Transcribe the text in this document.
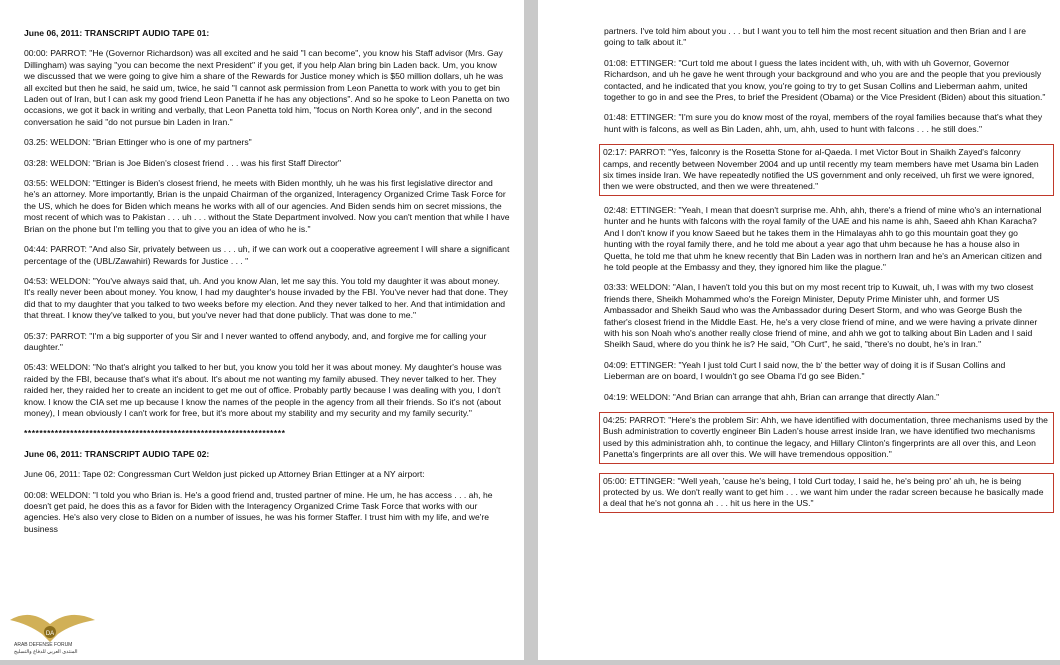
June 06, 2011: TRANSCRIPT AUDIO TAPE 01:

00:00: PARROT: "He (Governor Richardson) was all excited and he said "I can become", you know his Staff advisor (Mrs. Gay Dillingham) was saying "you can become the next President" if you get, if you help Alan bring bin Laden back. Um, you know we discussed that we were going to give him a share of the Rewards for Justice money which is $50 million dollars, uh he was all excited but then he said, he said um, twice, he said "I cannot ask permission from Leon Panetta to work with you to get bin Laden out of Iran, but I can ask my good friend Leon Panetta if he has any objections". And so he spoke to Leon Panetta on two occasions, we got it back in writing and verbally, that Leon Panetta told him, "focus on North Korea only", and in the second conversation he said "do not pursue bin Laden in Iran."

03.25: WELDON: "Brian Ettinger who is one of my partners"

03:28: WELDON: "Brian is Joe Biden's closest friend . . . was his first Staff Director"

03:55: WELDON: "Ettinger is Biden's closest friend, he meets with Biden monthly, uh he was his first legislative director and he's an attorney. More importantly, Brian is the unpaid Chairman of the organized, Interagency Organized Crime Task Force for the US, which he does for Biden which means he works with all of our agencies. And Biden sends him on secret missions, the most recent of which was to Pakistan . . . uh . . . without the State Department involved. Now you can't mention that while I have Brian on the phone but I'm telling you that to give you an idea of who he is."

04:44: PARROT: "And also Sir, privately between us . . . uh, if we can work out a cooperative agreement I will share a significant percentage of the (UBL/Zawahiri) Rewards for Justice . . . "

04:53: WELDON: "You've always said that, uh. And you know Alan, let me say this. You told my daughter it was about money. It's really never been about money. You know, I had my daughter's house invaded by the FBI. You've never had that done. They did that to my daughter that you talked to two weeks before my election. And they never talked to her. And that intimidation and that threat. I know they've talked to you, but you've never had that done publicly. That was done to me."

05:37: PARROT: "I'm a big supporter of you Sir and I never wanted to offend anybody, and, and forgive me for calling your daughter."

05:43: WELDON: "No that's alright you talked to her but, you know you told her it was about money. My daughter's house was raided by the FBI, because that's what it's about. It's about me not wanting my family abused. They never talked to her. They raided her, they raided her to create an incident to get me out of office. Probably partly because I was dealing with you, I don't know. I know the CIA set me up because I know the names of the people in the agency from all their friends. So it's not (about money), I mean obviously I can't work for free, but it's more about my stability and my security and my family security."

********************************************************************

June 06, 2011: TRANSCRIPT AUDIO TAPE 02:

June 06, 2011: Tape 02: Congressman Curt Weldon just picked up Attorney Brian Ettinger at a NY airport:

00:08: WELDON: "I told you who Brian is. He's a good friend and, trusted partner of mine. He um, he has access . . . ah, he doesn't get paid, he does this as a favor for Biden with the Interagency Organized Crime Task Force that works with our agencies. He's also very close to Biden on a number of issues, he was his former Staffer. I trust him with my life, and we're business

partners. I've told him about you . . . but I want you to tell him the most recent situation and then Brian and I are going to talk about it."

01:08: ETTINGER: "Curt told me about I guess the lates incident with, uh, with with uh Governor, Governor Richardson, and uh he gave he went through your background and who you are and the people that you previously contacted, and he indicated that you know, you're going to try to get Susan Collins and Lieberman aahm, united together to go in and see the Pres, to brief the President (Obama) or the Vice President (Biden) about this situation."

01:48: ETTINGER: "I'm sure you do know most of the royal, members of the royal families because that's what they hunt with is falcons, as well as Bin Laden, ahh, um, ahh, used to hunt with falcons . . . he still does."

02:17: PARROT: "Yes, falconry is the Rosetta Stone for al-Qaeda. I met Victor Bout in Shaikh Zayed's falconry camps, and recently between November 2004 and up until recently my team members have met Usama bin Laden six times inside Iran. We have repeatedly notified the US government and only received, uh first we were ignored, then we were obstructed, and then we were threatened."

02:48: ETTINGER: "Yeah, I mean that doesn't surprise me. Ahh, ahh, there's a friend of mine who's an international hunter and he hunts with falcons with the royal family of the UAE and his name is ahh, Saeed ahh Khan Karacha? And I don't know if you know Saeed but he takes them in the Himalayas ahh to go this mountain goat they go hunting with the royal family there, and he told me about a year ago that uhm because he has a house also in Quetta, he told me that uhm he knew recently that Bin Laden was in northern Iran and he's an American citizen and he told people at the Embassy and they, they ignored him like the plague."

03:33: WELDON: "Alan, I haven't told you this but on my most recent trip to Kuwait, uh, I was with my two closest friends there, Sheikh Mohammed who's the Foreign Minister, Deputy Prime Minister uhh, and former US Ambassador and Sheikh Saud who was the Ambassador during Desert Storm, and who was George Bush the father's closest friend in the Middle East. He, he's a very close friend of mine, and we were having a private dinner with his son Noah who's another really close friend of mine, and ahh we got to talking about Bin Laden and I said Sheikh Saud, where do you think he is? He said, "Oh Curt", he said, "there's no doubt, he's in Iran."

04:09: ETTINGER: "Yeah I just told Curt I said now, the b' the better way of doing it is if Susan Collins and Lieberman are on board, I wouldn't go see Obama I'd go see Biden."

04:19: WELDON: "And Brian can arrange that ahh, Brian can arrange that directly Alan."

04:25: PARROT: "Here's the problem Sir: Ahh, we have identified with documentation, three mechanisms used by the Bush administration to covertly engineer Bin Laden's house arrest inside Iran, we have identified two mechanisms used by this administration ahh, to continue the legacy, and Hillary Clinton's fingerprints are all over this, and Leon Panetta's fingerprints are all over this. We will have tremendous opposition."

05:00: ETTINGER: "Well yeah, 'cause he's being, I told Curt today, I said he, he's being pro' ah uh, he is being protected by us. We don't really want to get him . . . we want him under the radar screen because he basically made a deal that he's not gonna ah . . . hit us here in the US."

DA
ARAB DEFENSE FORUM
المنتدى العربي للدفاع والتسليح
